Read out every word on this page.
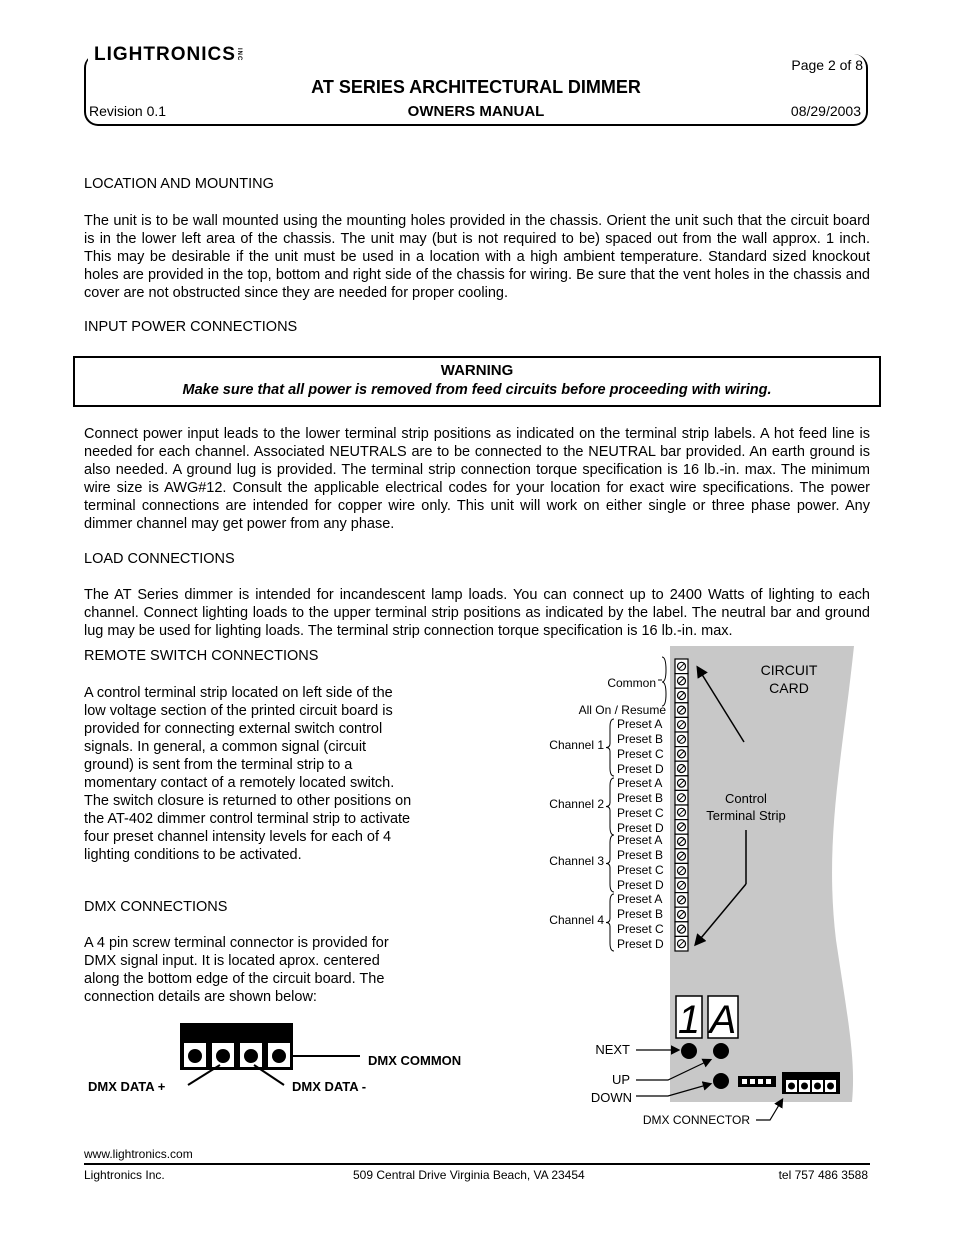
LIGHTRONICSINC
Page 2 of 8
AT SERIES ARCHITECTURAL DIMMER
Revision 0.1	OWNERS MANUAL	08/29/2003
LOCATION AND MOUNTING
The unit is to be wall mounted using the mounting holes provided in the chassis. Orient the unit such that the circuit board is in the lower left area of the chassis. The unit may (but is not required to be) spaced out from the wall approx. 1 inch. This may be desirable if the unit must be used in a location with a high ambient temperature. Standard sized knockout holes are provided in the top, bottom and right side of the chassis for wiring. Be sure that the vent holes in the chassis and cover are not obstructed since they are needed for proper cooling.
INPUT POWER CONNECTIONS
WARNING
Make sure that all power is removed from feed circuits before proceeding with wiring.
Connect power input leads to the lower terminal strip positions as indicated on the terminal strip labels. A hot feed line is needed for each channel. Associated NEUTRALS are to be connected to the NEUTRAL bar provided. An earth ground is also needed. A ground lug is provided. The terminal strip connection torque specification is 16 lb.-in. max. The minimum wire size is AWG#12. Consult the applicable electrical codes for your location for exact wire specifications. The power terminal connections are intended for copper wire only. This unit will work on either single or three phase power. Any dimmer channel may get power from any phase.
LOAD CONNECTIONS
The AT Series dimmer is intended for incandescent lamp loads. You can connect up to 2400 Watts of lighting to each channel. Connect lighting loads to the upper terminal strip positions as indicated by the label. The neutral bar and ground lug may be used for lighting loads. The terminal strip connection torque specification is 16 lb.-in. max.
REMOTE SWITCH CONNECTIONS
A control terminal strip located on left side of the low voltage section of the printed circuit board is provided for connecting external switch control signals. In general, a common signal (circuit ground) is sent from the terminal strip to a momentary contact of a remotely located switch. The switch closure is returned to other positions on the AT-402 dimmer control terminal strip to activate four preset channel intensity levels for each of 4 lighting conditions to be activated.
DMX CONNECTIONS
A 4 pin screw terminal connector is provided for DMX signal input. It is located aprox. centered along the bottom edge of the circuit board. The connection details are shown below:
DMX COMMON
DMX DATA +	DMX DATA -
CIRCUIT
CARD
Control
Terminal Strip
Common
All On / Resume
Preset A
Preset B
Preset C
Preset D
Channel 1
Preset A
Preset B
Preset C
Preset D
Channel 2
Preset A
Preset B
Preset C
Preset D
Channel 3
Preset A
Preset B
Preset C
Preset D
Channel 4
1 A
NEXT
UP
DOWN
DMX CONNECTOR
www.lightronics.com
Lightronics Inc.	509 Central Drive Virginia Beach, VA 23454	tel 757 486 3588
